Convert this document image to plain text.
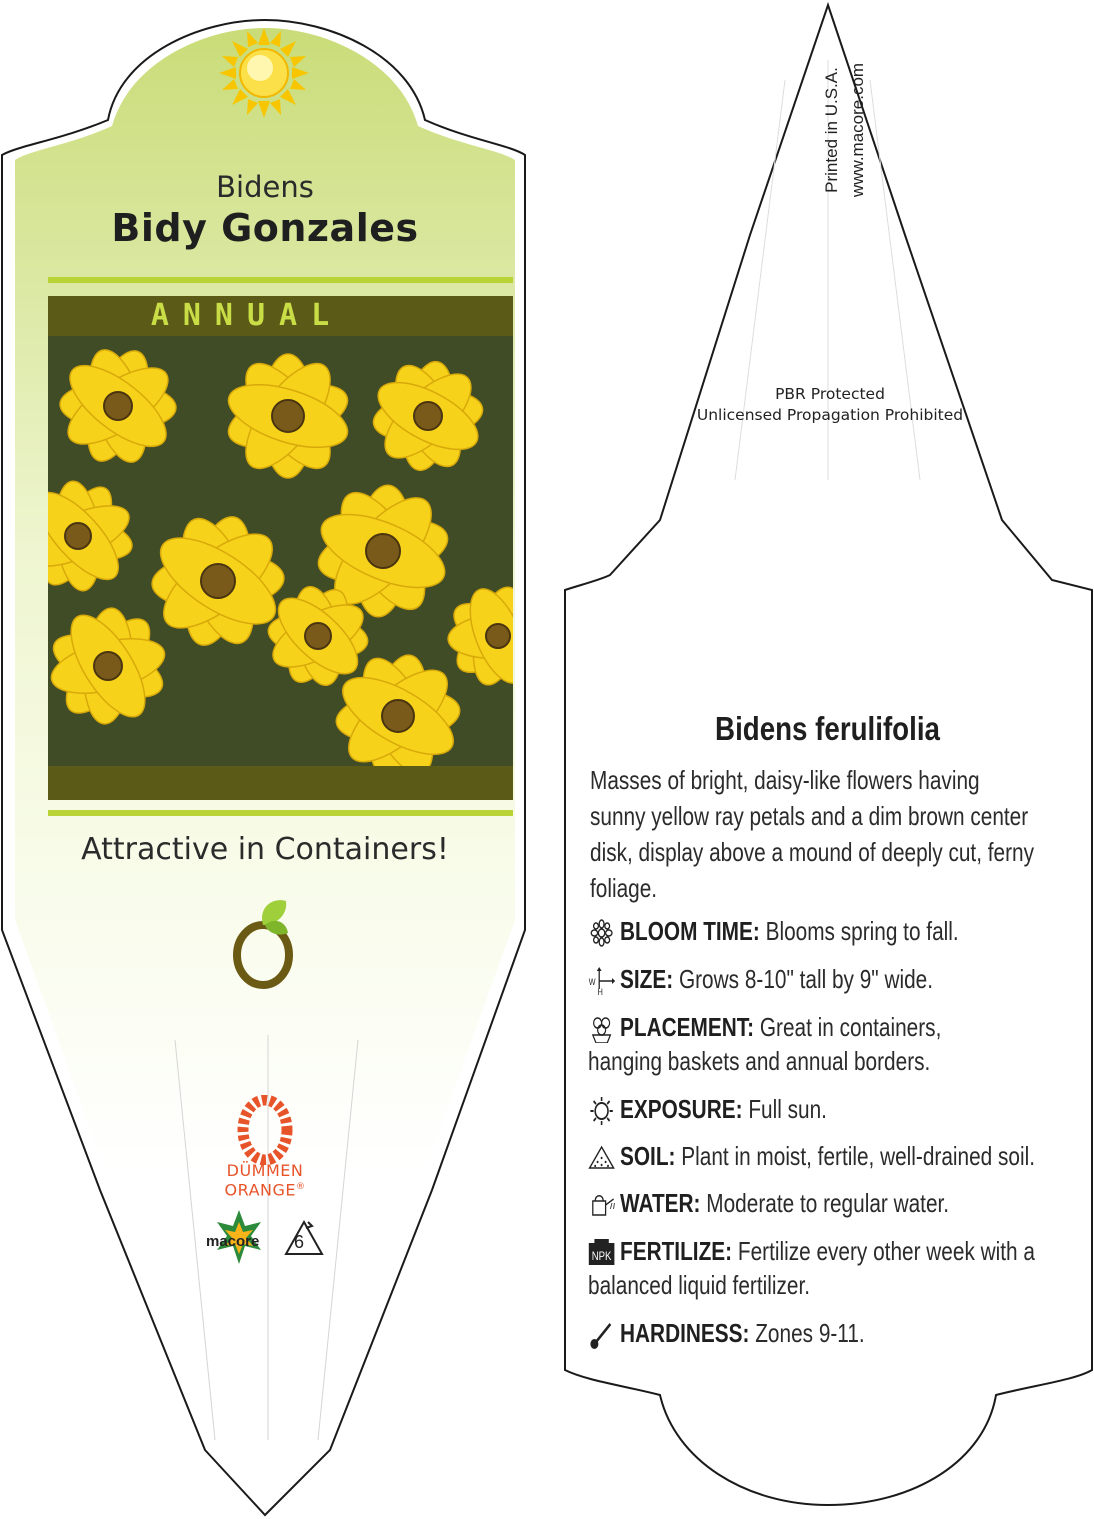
Bidens
Bidy Gonzales
ANNUAL
Attractive in Containers!
DÜMMEN
ORANGE®
macore 6
Printed in U.S.A. www.macore.com
PBR Protected
Unlicensed Propagation Prohibited
Bidens ferulifolia
Masses of bright, daisy-like flowers having sunny yellow ray petals and a dim brown center disk, display above a mound of deeply cut, ferny foliage.
BLOOM TIME: Blooms spring to fall.
W
H SIZE: Grows 8-10" tall by 9" wide.
PLACEMENT: Great in containers, hanging baskets and annual borders.
EXPOSURE: Full sun.
SOIL: Plant in moist, fertile, well-drained soil.
WATER: Moderate to regular water.
NPK FERTILIZE: Fertilize every other week with a balanced liquid fertilizer.
HARDINESS: Zones 9-11.
